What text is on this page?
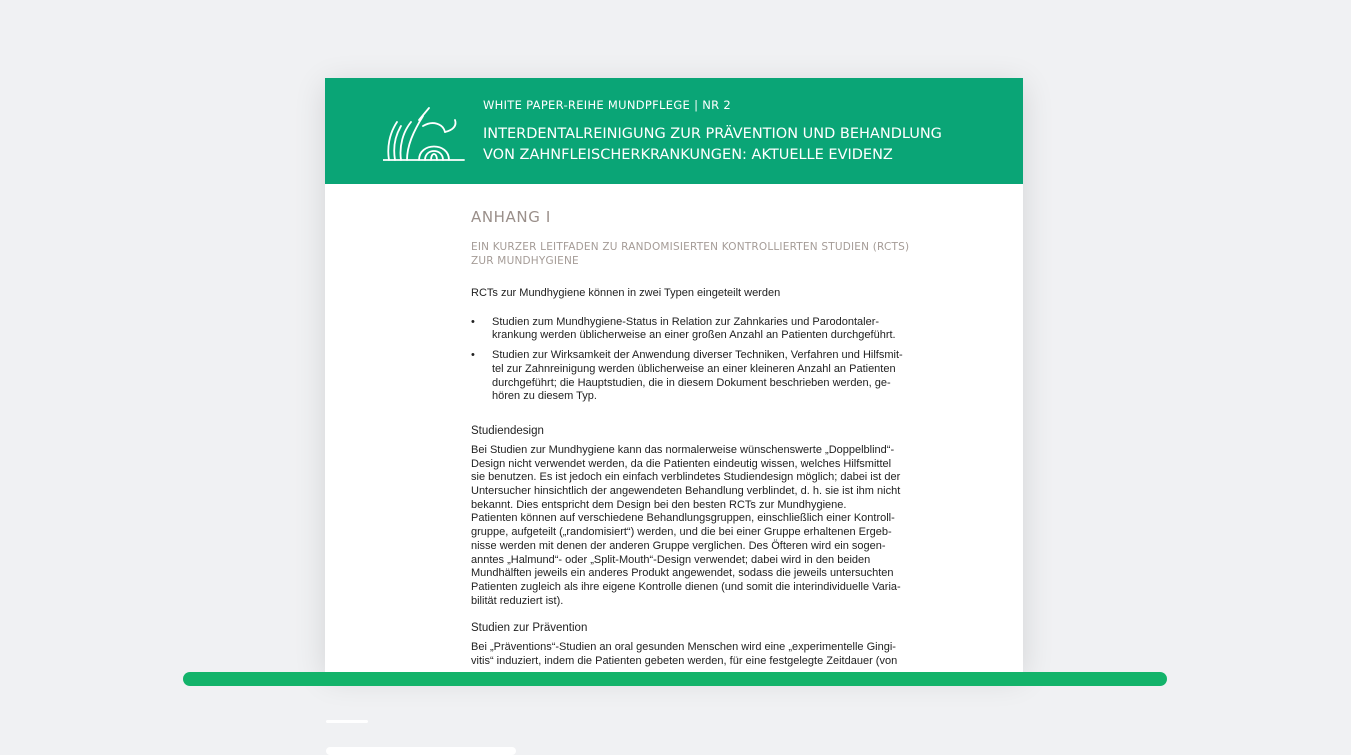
WHITE PAPER-REIHE MUNDPFLEGE | NR 2
INTERDENTALREINIGUNG ZUR PRÄVENTION UND BEHANDLUNG
VON ZAHNFLEISCHERKRANKUNGEN: AKTUELLE EVIDENZ
ANHANG I
EIN KURZER LEITFADEN ZU RANDOMISIERTEN KONTROLLIERTEN STUDIEN (RCTS)
ZUR MUNDHYGIENE

RCTs zur Mundhygiene können in zwei Typen eingeteilt werden

• Studien zum Mundhygiene-Status in Relation zur Zahnkaries und Parodontaler-
krankung werden üblicherweise an einer großen Anzahl an Patienten durchgeführt.
• Studien zur Wirksamkeit der Anwendung diverser Techniken, Verfahren und Hilfsmit-
tel zur Zahnreinigung werden üblicherweise an einer kleineren Anzahl an Patienten
durchgeführt; die Hauptstudien, die in diesem Dokument beschrieben werden, ge-
hören zu diesem Typ.
Studiendesign
Bei Studien zur Mundhygiene kann das normalerweise wünschenswerte „Doppelblind“-
Design nicht verwendet werden, da die Patienten eindeutig wissen, welches Hilfsmittel
sie benutzen. Es ist jedoch ein einfach verblindetes Studiendesign möglich; dabei ist der
Untersucher hinsichtlich der angewendeten Behandlung verblindet, d. h. sie ist ihm nicht
bekannt. Dies entspricht dem Design bei den besten RCTs zur Mundhygiene.
Patienten können auf verschiedene Behandlungsgruppen, einschließlich einer Kontroll-
gruppe, aufgeteilt („randomisiert“) werden, und die bei einer Gruppe erhaltenen Ergeb-
nisse werden mit denen der anderen Gruppe verglichen. Des Öfteren wird ein sogen-
anntes „Halmund“- oder „Split-Mouth“-Design verwendet; dabei wird in den beiden
Mundhälften jeweils ein anderes Produkt angewendet, sodass die jeweils untersuchten
Patienten zugleich als ihre eigene Kontrolle dienen (und somit die interindividuelle Varia-
bilität reduziert ist).
Studien zur Prävention
Bei „Präventions“-Studien an oral gesunden Menschen wird eine „experimentelle Gingi-
vitis“ induziert, indem die Patienten gebeten werden, für eine festgelegte Zeitdauer (von
